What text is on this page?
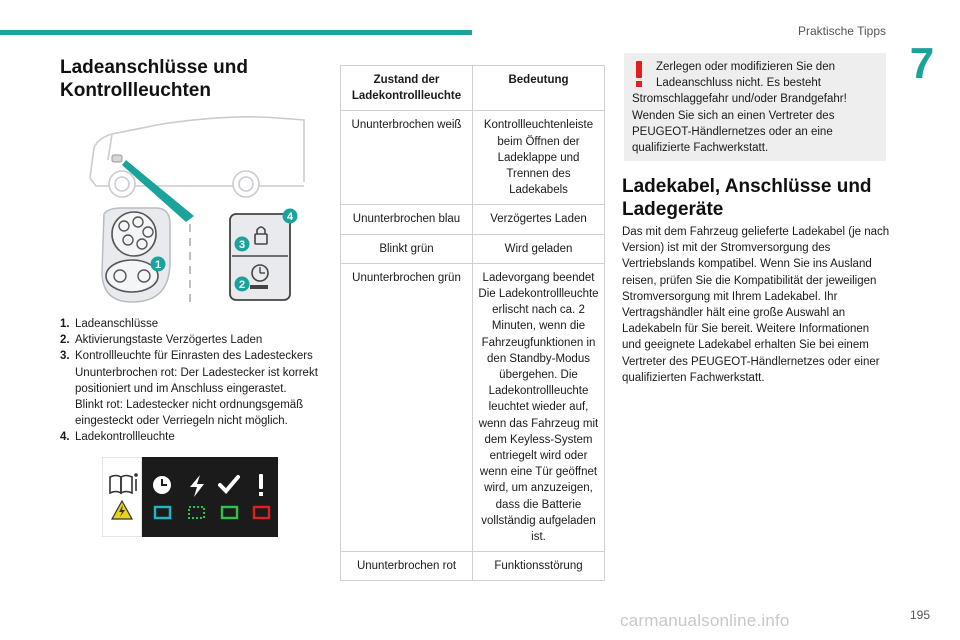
Praktische Tipps
7
Ladeanschlüsse und Kontrollleuchten
1
2
3
4
1. Ladeanschlüsse
2. Aktivierungstaste Verzögertes Laden
3. Kontrollleuchte für Einrasten des Ladesteckers
Ununterbrochen rot: Der Ladestecker ist korrekt positioniert und im Anschluss eingerastet.
Blinkt rot: Ladestecker nicht ordnungsgemäß eingesteckt oder Verriegeln nicht möglich.
4. Ladekontrollleuchte
Zustand der Ladekontrollleuchte	Bedeutung
Ununterbrochen weiß	Kontrollleuchtenleiste beim Öffnen der Ladeklappe und Trennen des Ladekabels
Ununterbrochen blau	Verzögertes Laden
Blinkt grün	Wird geladen
Ununterbrochen grün	Ladevorgang beendet Die Ladekontrollleuchte erlischt nach ca. 2 Minuten, wenn die Fahrzeugfunktionen in den Standby-Modus übergehen. Die Ladekontrollleuchte leuchtet wieder auf, wenn das Fahrzeug mit dem Keyless-System entriegelt wird oder wenn eine Tür geöffnet wird, um anzuzeigen, dass die Batterie vollständig aufgeladen ist.
Ununterbrochen rot	Funktionsstörung
Zerlegen oder modifizieren Sie den Ladeanschluss nicht. Es besteht
Stromschlaggefahr und/oder Brandgefahr! Wenden Sie sich an einen Vertreter des PEUGEOT-Händlernetzes oder an eine qualifizierte Fachwerkstatt.
Ladekabel, Anschlüsse und Ladegeräte
Das mit dem Fahrzeug gelieferte Ladekabel (je nach Version) ist mit der Stromversorgung des Vertriebslands kompatibel. Wenn Sie ins Ausland reisen, prüfen Sie die Kompatibilität der jeweiligen Stromversorgung mit Ihrem Ladekabel. Ihr Vertragshändler hält eine große Auswahl an Ladekabeln für Sie bereit. Weitere Informationen und geeignete Ladekabel erhalten Sie bei einem Vertreter des PEUGEOT-Händlernetzes oder einer qualifizierten Fachwerkstatt.
carmanualsonline.info	195
